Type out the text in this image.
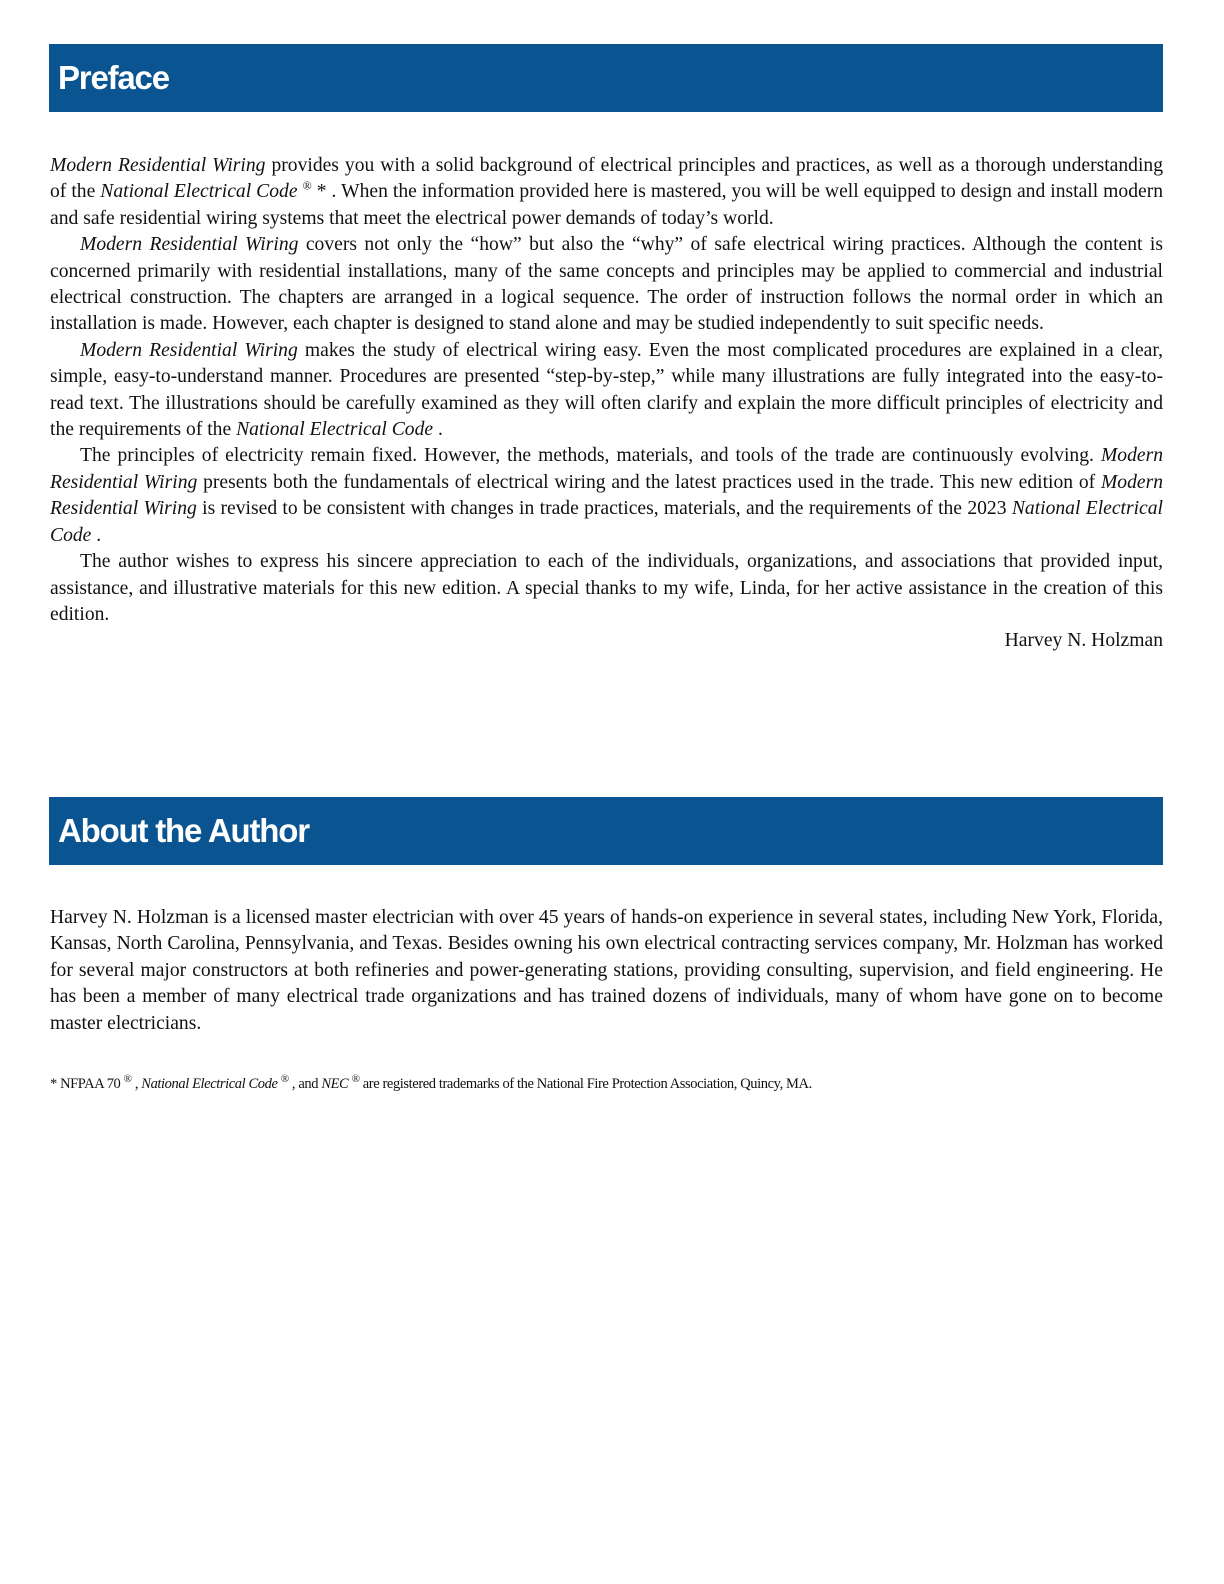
Preface

Modern Residential Wiring provides you with a solid background of electrical principles and practices, as well as a thorough understanding of the National Electrical Code ® * . When the information provided here is mastered, you will be well equipped to design and install modern and safe residential wiring systems that meet the electrical power demands of today’s world.

Modern Residential Wiring covers not only the “how” but also the “why” of safe electrical wiring practices. Although the content is concerned primarily with residential installations, many of the same concepts and principles may be applied to commercial and industrial electrical construction. The chapters are arranged in a logical sequence. The order of instruction follows the normal order in which an installation is made. However, each chapter is designed to stand alone and may be studied independently to suit specific needs.

Modern Residential Wiring makes the study of electrical wiring easy. Even the most complicated procedures are explained in a clear, simple, easy-to-understand manner. Procedures are presented “step-by-step,” while many illustrations are fully integrated into the easy-to-read text. The illustrations should be carefully examined as they will often clarify and explain the more difficult principles of electricity and the requirements of the National Electrical Code .

The principles of electricity remain fixed. However, the methods, materials, and tools of the trade are continuously evolving. Modern Residential Wiring presents both the fundamentals of electrical wiring and the latest practices used in the trade. This new edition of Modern Residential Wiring is revised to be consistent with changes in trade practices, materials, and the requirements of the 2023 National Electrical Code .

The author wishes to express his sincere appreciation to each of the individuals, organizations, and associations that provided input, assistance, and illustrative materials for this new edition. A special thanks to my wife, Linda, for her active assistance in the creation of this edition.

Harvey N. Holzman

About the Author

Harvey N. Holzman is a licensed master electrician with over 45 years of hands-on experience in several states, including New York, Florida, Kansas, North Carolina, Pennsylvania, and Texas. Besides owning his own electrical contracting services company, Mr. Holzman has worked for several major constructors at both refineries and power-generating stations, providing consulting, supervision, and field engineering. He has been a member of many electrical trade organizations and has trained dozens of individuals, many of whom have gone on to become master electricians.

* NFPAA 70 ® , National Electrical Code ® , and NEC ® are registered trademarks of the National Fire Protection Association, Quincy, MA.
